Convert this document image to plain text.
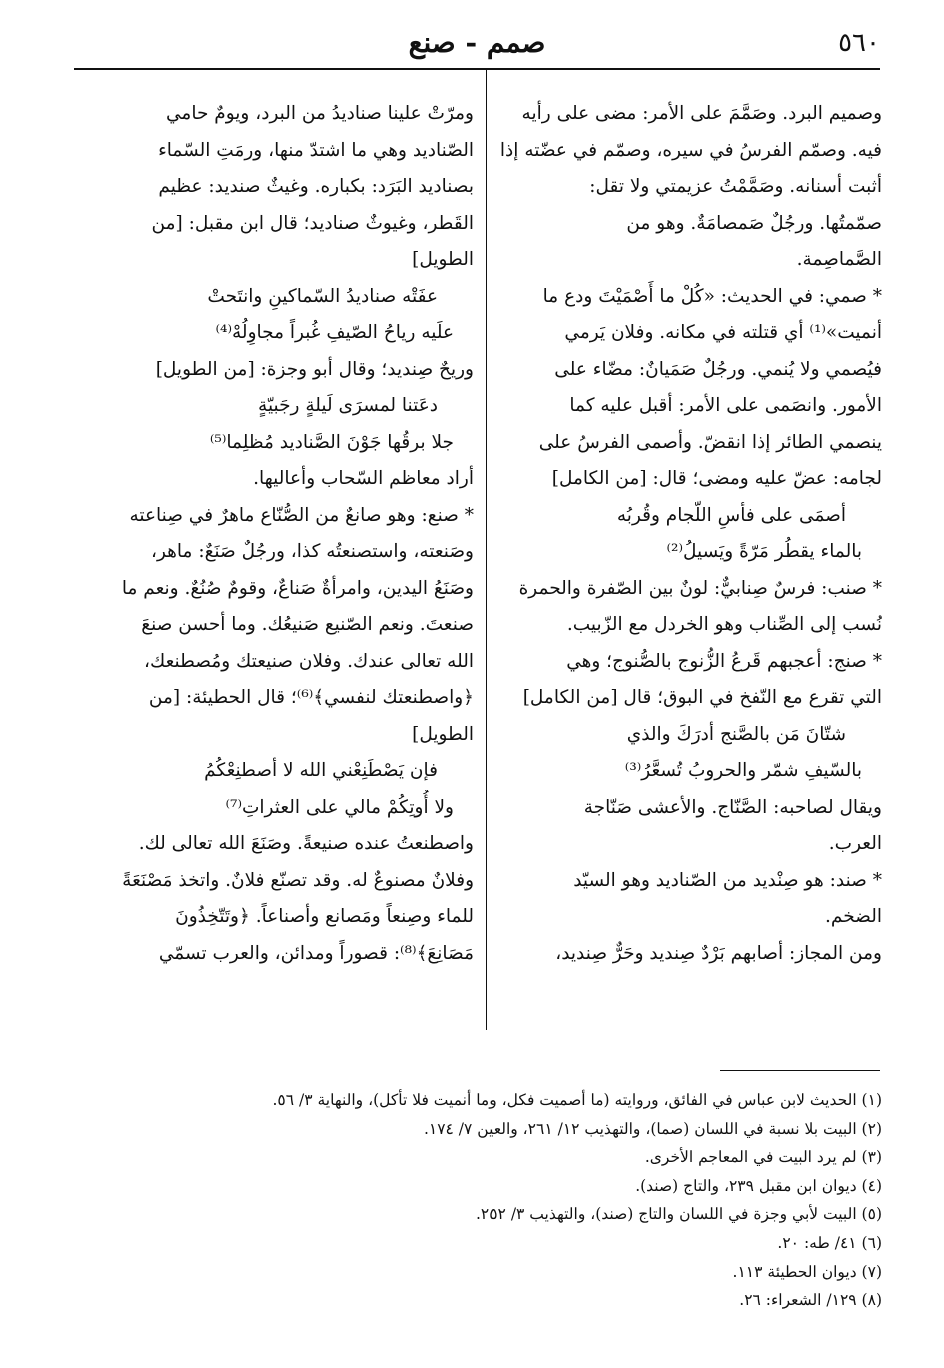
صمم - صنع	٥٦٠
وصميم البرد. وصَمَّمَ على الأمر: مضى على رأيه
فيه. وصمّم الفرسُ في سيره، وصمّم في عضّته إذا
أثبت أسنانه. وصَمَّمْتُ عزيمتي ولا تقل:
صمّمتُها. ورجُلٌ صَمصامَةٌ. وهو من
الصَّماصِمة.
* صمي: في الحديث: «كُلْ ما أَصْمَيْتَ ودع ما
أنميت»⁽¹⁾ أي قتلته في مكانه. وفلان يَرمي
فيُصمي ولا يُنمي. ورجُلٌ صَمَيانٌ: مضّاء على
الأمور. وانصَمى على الأمر: أقبل عليه كما
ينصمي الطائر إذا انقضّ. وأصمى الفرسُ على
لجامه: عضّ عليه ومضى؛ قال: [من الكامل]
أصمَى على فأسِ اللّجام وقُربُه
بالماء يقطُر مَرّةً ويَسيلُ⁽²⁾
* صنب: فرسٌ صِنابيٌّ: لونٌ بين الصّفرة والحمرة
نُسب إلى الصِّناب وهو الخردل مع الزّبيب.
* صنج: أعجبهم قَرعُ الزُّنوج بالصُّنوج؛ وهي
التي تقرع مع النّفخ في البوق؛ قال [من الكامل]
شتّانَ مَن بالصَّنج أدرَكَ والذي
بالسّيفِ شمّر والحروبُ تُسعَّرُ⁽³⁾
ويقال لصاحبه: الصَّنّاج. والأعشى صَنّاجة
العرب.
* صند: هو صِنْديد من الصّناديد وهو السيّد
الضخم.
ومن المجاز: أصابهم بَرْدٌ صِنديد وحَرٌّ صِنديد،
ومرّتْ علينا صناديدُ من البرد، ويومٌ حامي
الصّناديد وهي ما اشتدّ منها، ورمَتِ السّماء
بصناديد البَرَد: بكباره. وغيثٌ صنديد: عظيم
القَطر، وغيوثٌ صناديد؛ قال ابن مقبل: [من
الطويل]
عفَتْه صناديدُ السّماكينِ وانتَحتْ
علَيه رياحُ الصّيفِ غُبراً مجاوِلُهْ⁽⁴⁾
وريحٌ صِنديد؛ وقال أبو وجزة: [من الطويل]
دعَتنا لمسرَى لَيلةٍ رجَبيّةٍ
جلا برقُها جَوْنَ الصَّناديد مُظلِما⁽⁵⁾
أراد معاظم السّحاب وأعاليها.
* صنع: وهو صانعٌ من الصُّنّاع ماهرٌ في صِناعته
وصَنعته، واستصنعتُه كذا، ورجُلٌ صَنَعٌ: ماهر،
وصَنَعُ اليدين، وامرأةٌ صَناعٌ، وقومٌ صُنُعٌ. ونعم ما
صنعتَ. ونعم الصّنيع صَنيعُك. وما أحسن صنعَ
الله تعالى عندك. وفلان صنيعتك ومُصطنعك،
﴿واصطنعتك لنفسي﴾⁽⁶⁾؛ قال الحطيئة: [من
الطويل]
فإن يَصْطَنِعْني الله لا أصطنِعْكُمُ
ولا أُوتِكُمْ مالي على العثراتِ⁽⁷⁾
واصطنعتُ عنده صنيعةً. وصَنَعَ الله تعالى لك.
وفلانٌ مصنوعٌ له. وقد تصنّع فلانٌ. واتخذ مَصْنَعَةً
للماء وصِنعاً ومَصانع وأصناعاً. ﴿وتَتّخِذُونَ
مَصَانِعَ﴾⁽⁸⁾: قصوراً ومدائن، والعرب تسمّي
(١) الحديث لابن عباس في الفائق، وروايته (ما أصميت فكل، وما أنميت فلا تأكل)، والنهاية ٣/ ٥٦.
(٢) البيت بلا نسبة في اللسان (صما)، والتهذيب ١٢/ ٢٦١، والعين ٧/ ١٧٤.
(٣) لم يرد البيت في المعاجم الأخرى.
(٤) ديوان ابن مقبل ٢٣٩، والتاج (صند).
(٥) البيت لأبي وجزة في اللسان والتاج (صند)، والتهذيب ٣/ ٢٥٢.
(٦) ٤١/ طه: ٢٠.
(٧) ديوان الحطيئة ١١٣.
(٨) ١٢٩/ الشعراء: ٢٦.
